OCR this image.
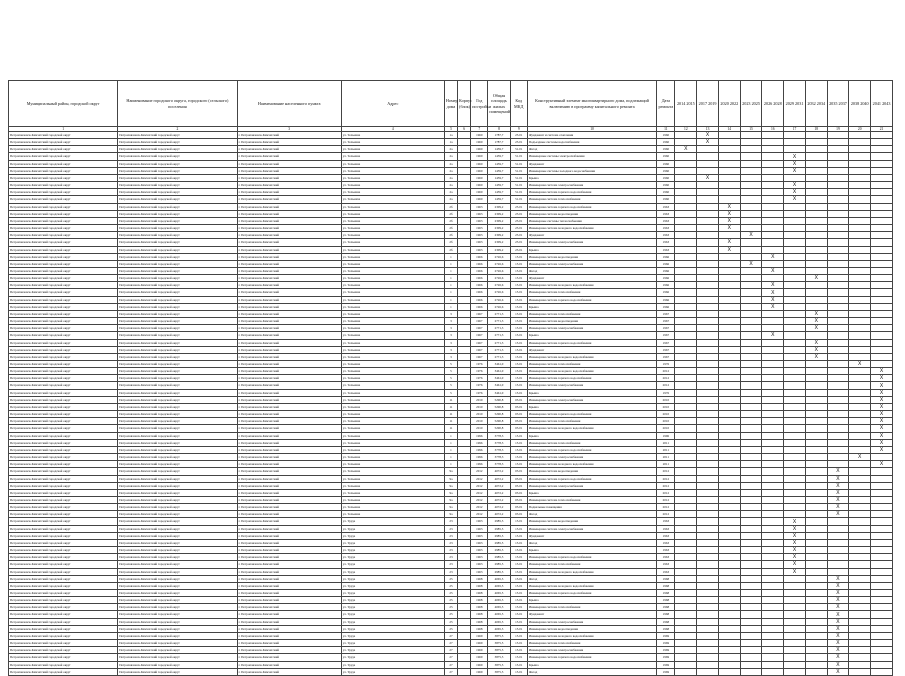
Муниципальный район, городской округ	Наименование городского округа, городского (сельского) поселения	Наименование населенного пункта	Адрес	Номер дома	Корпус (блок)	Год постройки	Общая площадь жилых помещений	Код МКД	Конструктивный элемент многоквартирного дома, подлежащий включению в программу капитального ремонта	Дата ремонта	2014 2015	2017 2019	2020 2022	2023 2025	2026 2028	2029 2031	2032 2034	2035 2037	2038 2040	2041 2043
1	2	3	4	5	6	7	8	9	10	11	12	13	14	15	16	17	18	19	20	21
Петропавловск-Камчатский городской округ	Петропавловск-Камчатский городской округ	г. Петропавловск-Камчатский	ул. Тельмана	1а		1960	1787,7	23.01	Фундамент и система отопления	1960		X								
Петропавловск-Камчатский городской округ	Петропавловск-Камчатский городской округ	г. Петропавловск-Камчатский	ул. Тельмана	1а		1960	1787,7	23.01	Подъездные системы водоснабжения	1960		X								
Петропавловск-Камчатский городской округ	Петропавловск-Камчатский городской округ	г. Петропавловск-Камчатский	ул. Тельмана	2а		1960	1459,7	51.01	Фасад	1960	X									
Петропавловск-Камчатский городской округ	Петропавловск-Камчатский городской округ	г. Петропавловск-Камчатский	ул. Тельмана	2а		1960	1459,7	51.01	Инженерные системы электроснабжения	1960						X				
Петропавловск-Камчатский городской округ	Петропавловск-Камчатский городской округ	г. Петропавловск-Камчатский	ул. Тельмана	2а		1960	1459,7	51.01	Фундамент	1960						X				
Петропавловск-Камчатский городской округ	Петропавловск-Камчатский городской округ	г. Петропавловск-Камчатский	ул. Тельмана	2а		1960	1459,7	51.01	Инженерные системы холодного водоснабжения	1960						X				
Петропавловск-Камчатский городской округ	Петропавловск-Камчатский городской округ	г. Петропавловск-Камчатский	ул. Тельмана	2а		1960	1459,7	51.01	Крыша	1960		X								
Петропавловск-Камчатский городской округ	Петропавловск-Камчатский городской округ	г. Петропавловск-Камчатский	ул. Тельмана	2а		1960	1459,7	51.01	Инженерная система электроснабжения	1960						X				
Петропавловск-Камчатский городской округ	Петропавловск-Камчатский городской округ	г. Петропавловск-Камчатский	ул. Тельмана	2а		1960	1459,7	51.01	Инженерная система горячего водоснабжения	1960						X				
Петропавловск-Камчатский городской округ	Петропавловск-Камчатский городской округ	г. Петропавловск-Камчатский	ул. Тельмana	2а		1960	1459,7	51.01	Инженерная система теплоснабжения	1960						X				
Петропавловск-Камчатский городской округ	Петропавловск-Камчатский городской округ	г. Петропавловск-Камчатский	ул. Тельмана	2б		1963	2309,2	23.01	Инженерная система горячего водоснабжения	1963			X							
Петропавловск-Камчатский городской округ	Петропавловск-Камчатский городской округ	г. Петропавловск-Камчатский	ул. Тельмана	2б		1963	2309,2	23.01	Инженерная система водоотведения	1963			X							
Петропавловск-Камчатский городской округ	Петропавловск-Камчатский городской округ	г. Петропавловск-Камчатский	ул. Тельмана	2б		1963	2309,2	23.01	Инженерные системы теплоснабжения	1963			X							
Петропавловск-Камчатский городской округ	Петропавловск-Камчатский городской округ	г. Петропавловск-Камчатский	ул. Тельмана	2б		1963	2309,2	23.01	Инженерная система холодного водоснабжения	1963			X							
Петропавловск-Камчатский городской округ	Петропавловск-Камчатский городской округ	г. Петропавловск-Камчатский	ул. Тельмана	2б		1963	2309,2	23.01	Фундамент	1963				X						
Петропавловск-Камчатский городской округ	Петропавловск-Камчатский городской округ	г. Петропавловск-Камчатский	ул. Тельмана	2б		1963	2309,2	23.01	Инженерная система электроснабжения	1963			X							
Петропавловск-Камчатский городской округ	Петропавловск-Камчатский городской округ	г. Петропавловск-Камчатский	ул. Тельмана	2б		1963	2309,2	23.01	Крыша	1963			X							
Петропавловск-Камчатский городской округ	Петропавловск-Камчатский городской округ	г. Петропавловск-Камчатский	ул. Тельмана	1		1966	2726,6	15.01	Инженерная система водоотведения	1966					X					
Петропавловск-Камчатский городской округ	Петропавловск-Камчатский городской округ	г. Петропавловск-Камчатский	ул. Тельмана	1		1966	2726,6	15.01	Инженерная система электроснабжения	1966				X						
Петропавловск-Камчатский городской округ	Петропавловск-Камчатский городской округ	г. Петропавловск-Камчатский	ул. Тельмана	1		1966	2726,6	15.01	Фасад	1966					X					
Петропавловск-Камчатский городской округ	Петропавловск-Камчатский городской округ	г. Петропавловск-Камчатский	ул. Тельмана	1		1966	2726,6	15.01	Фундамент	1966							X			
Петропавловск-Камчатский городской округ	Петропавловск-Камчатский городской округ	г. Петропавловск-Камчатский	ул. Тельмана	1		1966	2726,6	15.01	Инженерная система холодного водоснабжения	1966					X					
Петропавловск-Камчатский городской округ	Петропавловск-Камчатский городской округ	г. Петропавловск-Камчатский	ул. Тельмана	1		1966	2726,6	15.01	Инженерная система теплоснабжения	1966					X					
Петропавловск-Камчатский городской округ	Петропавловск-Камчатский городской округ	г. Петропавловск-Камчатский	ул. Тельмана	1		1966	2726,6	15.01	Инженерная система горячего водоснабжения	1966					X					
Петропавловск-Камчатский городской округ	Петропавловск-Камчатский городской округ	г. Петропавловск-Камчатский	ул. Тельмана	1		1966	2726,6	15.01	Крыша	1966					X					
Петропавловск-Камчатский городской округ	Петропавловск-Камчатский городской округ	г. Петропавловск-Камчатский	ул. Тельмана	3		1967	2771,3	15.01	Инженерная система теплоснабжения	1967							X			
Петропавловск-Камчатский городской округ	Петропавловск-Камчатский городской округ	г. Петропавловск-Камчатский	ул. Тельмана	3		1967	2771,3	15.01	Инженерная система водоотведения	1967							X			
Петропавловск-Камчатский городской округ	Петропавловск-Камчатский городской округ	г. Петропавловск-Камчатский	ул. Тельмана	3		1967	2771,3	15.01	Инженерная система электроснабжения	1967							X			
Петропавловск-Камчатский городской округ	Петропавловск-Камчатский городской округ	г. Петропавловск-Камчатский	ул. Тельмана	3		1967	2771,3	15.01	Крыша	1967					X					
Петропавловск-Камчатский городской округ	Петропавловск-Камчатский городской округ	г. Петропавловск-Камчатский	ул. Тельмана	3		1967	2771,3	15.01	Инженерная система горячего водоснабжения	1967							X			
Петропавловск-Камчатский городской округ	Петропавловск-Камчатский городской округ	г. Петропавловск-Камчатский	ул. Тельмана	3		1967	2771,3	15.01	Фундамент	1967							X			
Петропавловск-Камчатский городской округ	Петропавловск-Камчатский городской округ	г. Петропавловск-Камчатский	ул. Тельмана	3		1967	2771,3	15.01	Инженерная система холодного водоснабжения	1967							X			
Петропавловск-Камчатский городской округ	Петропавловск-Камчатский городской округ	г. Петропавловск-Камчатский	ул. Тельмана	5		1976	3461,0	15.01	Инженерная система теплоснабжения	1976									X	
Петропавловск-Камчатский городской округ	Петропавловск-Камчатский городской округ	г. Петропавловск-Камчатский	ул. Тельмана	5		1976	3461,0	15.01	Инженерная система холодного водоснабжения	2012										X
Петропавловск-Камчатский городской округ	Петропавловск-Камчатский городской округ	г. Петропавловск-Камчатский	ул. Тельмана	5		1976	3461,0	15.01	Инженерная система горячего водоснабжения	2012										X
Петропавловск-Камчатский городской округ	Петропавловск-Камчатский городской округ	г. Петропавловск-Камчатский	ул. Тельмана	5		1976	3461,0	15.01	Инженерная система электроснабжения	2012										X
Петропавловск-Камчатский городской округ	Петропавловск-Камчатский городской округ	г. Петропавловск-Камчатский	ул. Тельмана	5		1976	3461,0	15.01	Крыша	1976										X
Петропавловск-Камчатский городской округ	Петропавловск-Камчатский городской округ	г. Петропавловск-Камчатский	ул. Тельмана	11		2010	5290,8	03.01	Инженерная система электроснабжения	2010										X
Петропавловск-Камчатский городской округ	Петропавловск-Камчатский городской округ	г. Петропавловск-Камчатский	ул. Тельмана	11		2010	5290,8	03.01	Крыша	2010										X
Петропавловск-Камчатский городской округ	Петропавловск-Камчатский городской округ	г. Петропавловск-Камчатский	ул. Тельмана	11		2010	5290,8	03.01	Инженерная система горячего водоснабжения	2010										X
Петропавловск-Камчатский городской округ	Петропавловск-Камчатский городской округ	г. Петропавловск-Камчатский	ул. Тельмана	11		2010	5290,8	03.01	Инженерная система теплоснабжения	2010										X
Петропавловск-Камчатский городской округ	Петропавловск-Камчатский городской округ	г. Петропавловск-Камчатский	ул. Тельмана	11		2010	5290,8	03.01	Инженерная система холодного водоснабжения	2010										X
Петропавловск-Камчатский городской округ	Петропавловск-Камчатский городской округ	г. Петропавловск-Камчатский	ул. Тельмана	1		1996	3778,3	15.01	Крыша	1996										X
Петропавловск-Камчатский городской округ	Петропавловск-Камчатский городской округ	г. Петропавловск-Камчатский	ул. Тельмана	1		1996	3778,3	15.01	Инженерная система теплоснабжения	2011										X
Петропавловск-Камчатский городской округ	Петропавловск-Камчатский городской округ	г. Петропавловск-Камчатский	ул. Тельмана	1		1996	3778,3	15.01	Инженерная система горячего водоснабжения	2011										X
Петропавловск-Камчатский городской округ	Петропавловск-Камчатский городской округ	г. Петропавловск-Камчатский	ул. Тельмана	1		1996	3778,3	15.01	Инженерная система электроснабжения	2011									X	
Петропавловск-Камчатский городской округ	Петропавловск-Камчатский городской округ	г. Петропавловск-Камчатский	ул. Тельмана	1		1996	3778,3	15.01	Инженерная система холодного водоснабжения	2011										X
Петропавловск-Камчатский городской округ	Петропавловск-Камчатский городской округ	г. Петропавловск-Камчатский	ул. Тельмана	9а		2012	4072,2	03.01	Инженерная система водоотведения	2012								X		
Петропавловск-Камчатский городской округ	Петропавловск-Камчатский городской округ	г. Петропавловск-Камчатский	ул. Тельмана	9а		2012	4072,2	03.01	Инженерная система горячего водоснабжения	2012								X		
Петропавловск-Камчатский городской округ	Петропавловск-Камчатский городской округ	г. Петропавловск-Камчатский	ул. Тельмана	9а		2012	4072,2	03.01	Инженерная система электроснабжения	2012								X		
Петропавловск-Камчатский городской округ	Петропавловск-Камчатский городской округ	г. Петропавловск-Камчатский	ул. Тельмана	9а		2012	4072,2	03.01	Крыша	2012								X		
Петропавловск-Камчатский городской округ	Петропавловск-Камчатский городской округ	г. Петропавловск-Камчатский	ул. Тельмана	9а		2012	4072,2	03.01	Инженерная система теплоснабжения	2012								X		
Петропавловск-Камчатский городской округ	Петропавловск-Камчатский городской округ	г. Петропавловск-Камчатский	ул. Тельмана	9а		2012	4072,2	03.01	Подвальные помещения	2012								X		
Петропавловск-Камчатский городской округ	Петропавловск-Камчатский городской округ	г. Петропавловск-Камчатский	ул. Тельмана	9а		2012	4072,2	03.01	Фасад	2012								X		
Петропавловск-Камчатский городской округ	Петропавловск-Камчатский городской округ	г. Петропавловск-Камчатский	ул. Труда	23		1963	2985,5	15.01	Инженерная система водоотведения	1963						X				
Петропавловск-Камчатский городской округ	Петропавловск-Камчатский городской округ	г. Петропавловск-Камчатский	ул. Труда	23		1963	2985,5	15.01	Инженерная система электроснабжения	1963						X				
Петропавловск-Камчатский городской округ	Петропавловск-Камчатский городской округ	г. Петропавловск-Камчатский	ул. Труда	23		1963	2985,5	15.01	Фундамент	1963						X				
Петропавловск-Камчатский городской округ	Петропавловск-Камчатский городской округ	г. Петропавловск-Камчатский	ул. Труда	23		1963	2985,5	15.01	Фасад	1963						X				
Петропавловск-Камчатский городской округ	Петропавловск-Камчатский городской округ	г. Петропавловск-Камчатский	ул. Труда	23		1963	2985,5	15.01	Крыша	1963						X				
Петропавловск-Камчатский городской округ	Петропавловск-Камчатский городской округ	г. Петропавловск-Камчатский	ул. Труда	23		1963	2985,5	15.01	Инженерная система горячего водоснабжения	1963						X				
Петропавловск-Камчатский городской округ	Петропавловск-Камчатский городской округ	г. Петропавловск-Камчатский	ул. Труда	23		1963	2985,5	15.01	Инженерная система теплоснабжения	1963						X				
Петропавловск-Камчатский городской округ	Петропавловск-Камчатский городской округ	г. Петропавловск-Камчатский	ул. Труда	23		1963	2985,5	15.01	Инженерная система холодного водоснабжения	1963						X				
Петропавловск-Камчатский городской округ	Петропавловск-Камчатский городской округ	г. Петропавловск-Камчатский	ул. Труда	25		1968	4065,5	15.01	Фасад	1968								X		
Петропавловск-Камчатский городской округ	Петропавловск-Камчатский городской округ	г. Петропавловск-Камчатский	ул. Труда	25		1968	4065,5	15.01	Инженерная система холодного водоснабжения	1968								X		
Петропавловск-Камчатский городской округ	Петропавловск-Камчатский городской округ	г. Петропавловск-Камчатский	ул. Труда	25		1968	4065,5	15.01	Инженерная система горячего водоснабжения	1968								X		
Петропавловск-Камчатский городской округ	Петропавловск-Камчатский городской округ	г. Петропавловск-Камчатский	ул. Труда	25		1968	4065,5	15.01	Крыша	1968								X		
Петропавловск-Камчатский городской округ	Петропавловск-Камчатский городской округ	г. Петропавловск-Камчатский	ул. Труда	25		1968	4065,5	15.01	Инженерная система теплоснабжения	1968								X		
Петропавловск-Камчатский городской округ	Петропавловск-Камчатский городской округ	г. Петропавловск-Камчатский	ул. Труда	25		1968	4065,5	15.01	Фундамент	1968								X		
Петропавловск-Камчатский городской округ	Петропавловск-Камчатский городской округ	г. Петропавловск-Камчатский	ул. Труда	25		1968	4065,5	15.01	Инженерная система электроснабжения	1968								X		
Петропавловск-Камчатский городской округ	Петропавловск-Камчатский городской округ	г. Петропавловск-Камчатский	ул. Труда	25		1968	4065,5	15.01	Инженерная система водоотведения	1968								X		
Петропавловск-Камчатский городской округ	Петропавловск-Камчатский городской округ	г. Петропавловск-Камчатский	ул. Труда	27		1969	3875,5	15.01	Инженерная система холодного водоснабжения	1969								X		
Петропавловск-Камчатский городской округ	Петропавловск-Камчатский городской округ	г. Петропавловск-Камчатский	ул. Труда	27		1969	3875,5	15.01	Инженерная система теплоснабжения	1969								X		
Петропавловск-Камчатский городской округ	Петропавловск-Камчатский городской округ	г. Петропавловск-Камчатский	ул. Труда	27		1969	3875,5	15.01	Инженерная система электроснабжения	1969								X		
Петропавловск-Камчатский городской округ	Петропавловск-Камчатский городской округ	г. Петропавловск-Камчатский	ул. Труда	27		1969	3875,5	15.01	Инженерная система горячего водоснабжения	1969								X		
Петропавловск-Камчатский городской округ	Петропавловск-Камчатский городской округ	г. Петропавловск-Камчатский	ул. Труда	27		1969	3875,5	15.01	Крыша	1969								X		
Петропавловск-Камчатский городской округ	Петропавловск-Камчатский городской округ	г. Петропавловск-Камчатский	ул. Труда	27		1969	3875,5	15.01	Фасад	1969								X		
